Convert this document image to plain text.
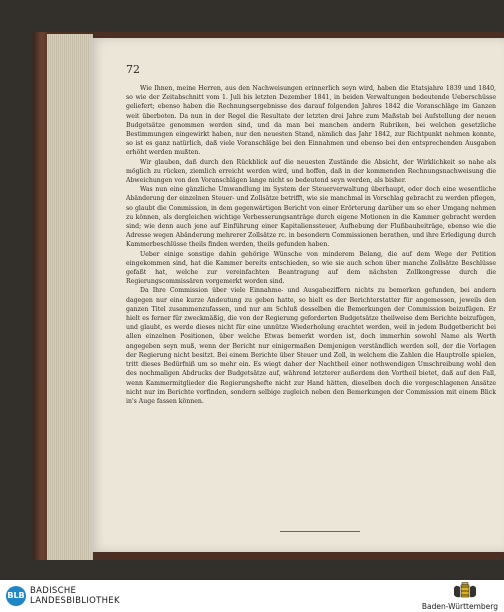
72

Wie Ihnen, meine Herren, aus den Nachweisungen erinnerlich seyn wird, haben die Etatsjahre 1839 und 1840, so wie der Zeitabschnitt vom 1. Juli bis letzten Dezember 1841, in beiden Verwaltungen bedeutende Ueberschüsse geliefert; ebenso haben die Rechnungsergebnisse des darauf folgenden Jahres 1842 die Voranschläge im Ganzen weit überboten. Da nun in der Regel die Resultate der letzten drei Jahre zum Maßstab bei Aufstellung der neuen Budgetsätze genommen werden sind, und da man bei manchen andern Rubriken, bei welchen gesetzliche Bestimmungen eingewirkt haben, nur den neuesten Stand, nämlich das Jahr 1842, zur Richtpunkt nehmen konnte, so ist es ganz natürlich, daß viele Voranschläge bei den Einnahmen und ebenso bei den entsprechenden Ausgaben erhöht werden mußten.

Wir glauben, daß durch den Rückblick auf die neuesten Zustände die Absicht, der Wirklichkeit so nahe als möglich zu rücken, ziemlich erreicht werden wird, und hoffen, daß in der kommenden Rechnungsnachweisung die Abweichungen von den Voranschlägen lange nicht so bedeutend seyn werden, als bisher.

Was nun eine gänzliche Umwandlung im System der Steuerverwaltung überhaupt, oder doch eine wesentliche Abänderung der einzelnen Steuer- und Zollsätze betrifft, wie sie manchmal in Vorschlag gebracht zu werden pflegen, so glaubt die Commission, in dem gegenwärtigen Bericht von einer Erörterung darüber um so eher Umgang nehmen zu können, als dergleichen wichtige Verbesserungsanträge durch eigene Motionen in die Kammer gebracht werden sind; wie denn auch jene auf Einführung einer Kapitalienssteuer, Aufhebung der Flußbauheiträge, ebenso wie die Adresse wegen Abänderung mehrerer Zollsätze rc. in besondern Commissionen berathen, und ihre Erledigung durch Kammerbeschlüsse theils finden werden, theils gefunden haben.

Ueber einige sonstige dahin gehörige Wünsche von minderem Belang, die auf dem Wege der Petition eingekommen sind, hat die Kammer bereits entschieden, so wie sie auch schon über manche Zollsätze Beschlüsse gefaßt hat, welche zur vereinfachten Beantragung auf dem nächsten Zollkongresse durch die Regierungscommissären vorgemerkt worden sind.

Da Ihre Commission über viele Einnahme- und Ausgabeziffern nichts zu bemerken gefunden, bei andern dagegen nur eine kurze Andeutung zu geben hatte, so hielt es der Berichterstatter für angemessen, jeweils den ganzen Titel zusammenzufassen, und nur am Schluß desselben die Bemerkungen der Commission beizufügen. Er hielt es ferner für zweckmäßig, die von der Regierung geforderten Budgetsätze theilweise dem Berichte beizufügen, und glaubt, es werde dieses nicht für eine unnütze Wiederholung erachtet werden, weil in jedem Budgetbericht bei allen einzelnen Positionen, über welche Etwas bemerkt worden ist, doch immerhin sowohl Name als Werth angegeben seyn muß, wenn der Bericht nur einigermaßen Demjenigen verständlich werden soll, der die Vorlagen der Regierung nicht besitzt. Bei einem Berichte über Steuer und Zoll, in welchem die Zahlen die Hauptrolle spielen, tritt dieses Bedürfniß um so mehr ein. Es wiegt daher der Nachtheil einer nothwendigen Umschreibung wohl den des nochmaligen Abdrucks der Budgetsätze auf, während letzterer außerdem den Vortheil bietet, daß auf den Fall, wenn Kammermitglieder die Regierungshefte nicht zur Hand hätten, dieselben doch die vorgeschlagenen Ansätze nicht nur im Berichte vorfinden, sondern selbige zugleich neben den Bemerkungen der Commission mit einem Blick in's Auge fassen können.

BLB BADISCHE
LANDESBIBLIOTHEK
Baden-Württemberg
